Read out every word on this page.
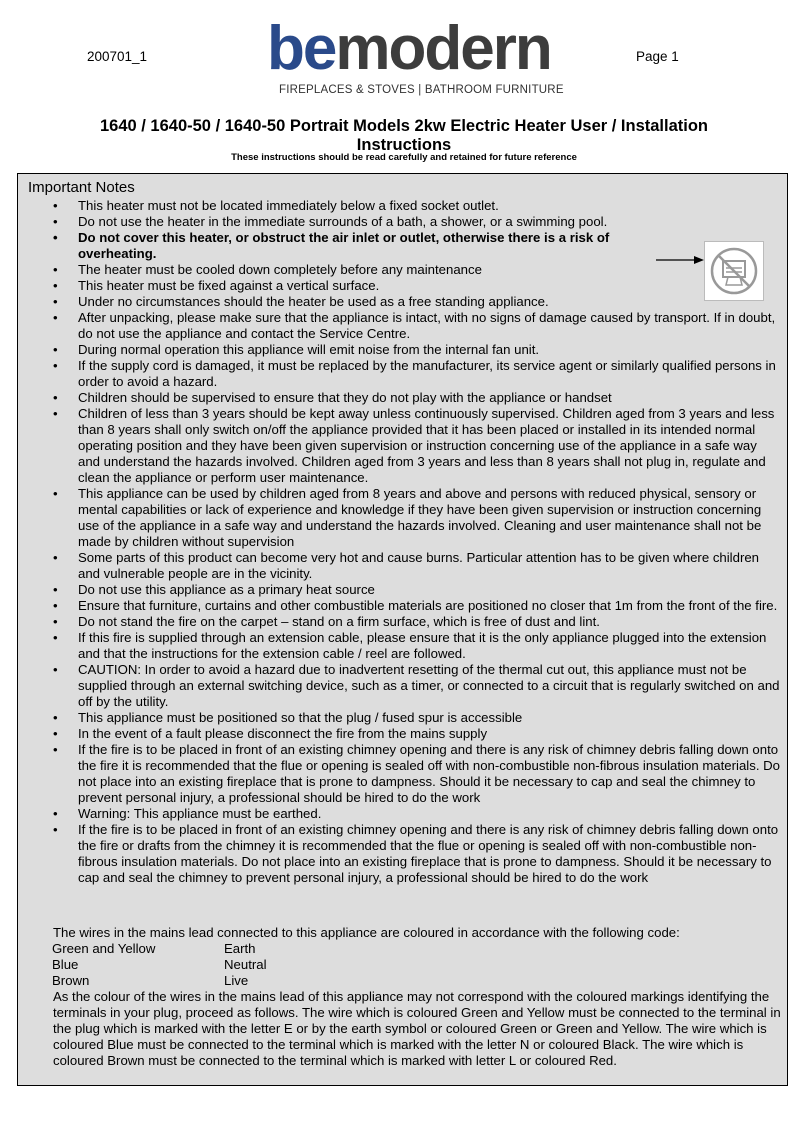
200701_1 bemodern
FIREPLACES & STOVES | BATHROOM FURNITURE
Page 1
1640 / 1640-50 / 1640-50 Portrait Models 2kw Electric Heater User / Installation Instructions
These instructions should be read carefully and retained for future reference
Important Notes
• This heater must not be located immediately below a fixed socket outlet.
• Do not use the heater in the immediate surrounds of a bath, a shower, or a swimming pool.
• Do not cover this heater, or obstruct the air inlet or outlet, otherwise there is a risk of overheating.
• The heater must be cooled down completely before any maintenance
• This heater must be fixed against a vertical surface.
• Under no circumstances should the heater be used as a free standing appliance.
• After unpacking, please make sure that the appliance is intact, with no signs of damage caused by transport. If in doubt, do not use the appliance and contact the Service Centre.
• During normal operation this appliance will emit noise from the internal fan unit.
• If the supply cord is damaged, it must be replaced by the manufacturer, its service agent or similarly qualified persons in order to avoid a hazard.
• Children should be supervised to ensure that they do not play with the appliance or handset
• Children of less than 3 years should be kept away unless continuously supervised. Children aged from 3 years and less than 8 years shall only switch on/off the appliance provided that it has been placed or installed in its intended normal operating position and they have been given supervision or instruction concerning use of the appliance in a safe way and understand the hazards involved. Children aged from 3 years and less than 8 years shall not plug in, regulate and clean the appliance or perform user maintenance.
• This appliance can be used by children aged from 8 years and above and persons with reduced physical, sensory or mental capabilities or lack of experience and knowledge if they have been given supervision or instruction concerning use of the appliance in a safe way and understand the hazards involved. Cleaning and user maintenance shall not be made by children without supervision
• Some parts of this product can become very hot and cause burns. Particular attention has to be given where children and vulnerable people are in the vicinity.
• Do not use this appliance as a primary heat source
• Ensure that furniture, curtains and other combustible materials are positioned no closer that 1m from the front of the fire.
• Do not stand the fire on the carpet – stand on a firm surface, which is free of dust and lint.
• If this fire is supplied through an extension cable, please ensure that it is the only appliance plugged into the extension and that the instructions for the extension cable / reel are followed.
• CAUTION: In order to avoid a hazard due to inadvertent resetting of the thermal cut out, this appliance must not be supplied through an external switching device, such as a timer, or connected to a circuit that is regularly switched on and off by the utility.
• This appliance must be positioned so that the plug / fused spur is accessible
• In the event of a fault please disconnect the fire from the mains supply
• If the fire is to be placed in front of an existing chimney opening and there is any risk of chimney debris falling down onto the fire it is recommended that the flue or opening is sealed off with non-combustible non-fibrous insulation materials. Do not place into an existing fireplace that is prone to dampness. Should it be necessary to cap and seal the chimney to prevent personal injury, a professional should be hired to do the work
• Warning: This appliance must be earthed.
• If the fire is to be placed in front of an existing chimney opening and there is any risk of chimney debris falling down onto the fire or drafts from the chimney it is recommended that the flue or opening is sealed off with non-combustible non-fibrous insulation materials. Do not place into an existing fireplace that is prone to dampness. Should it be necessary to cap and seal the chimney to prevent personal injury, a professional should be hired to do the work
The wires in the mains lead connected to this appliance are coloured in accordance with the following code:
Green and Yellow	Earth
Blue	Neutral
Brown	Live
As the colour of the wires in the mains lead of this appliance may not correspond with the coloured markings identifying the terminals in your plug, proceed as follows. The wire which is coloured Green and Yellow must be connected to the terminal in the plug which is marked with the letter E or by the earth symbol or coloured Green or Green and Yellow. The wire which is coloured Blue must be connected to the terminal which is marked with the letter N or coloured Black. The wire which is coloured Brown must be connected to the terminal which is marked with letter L or coloured Red.
